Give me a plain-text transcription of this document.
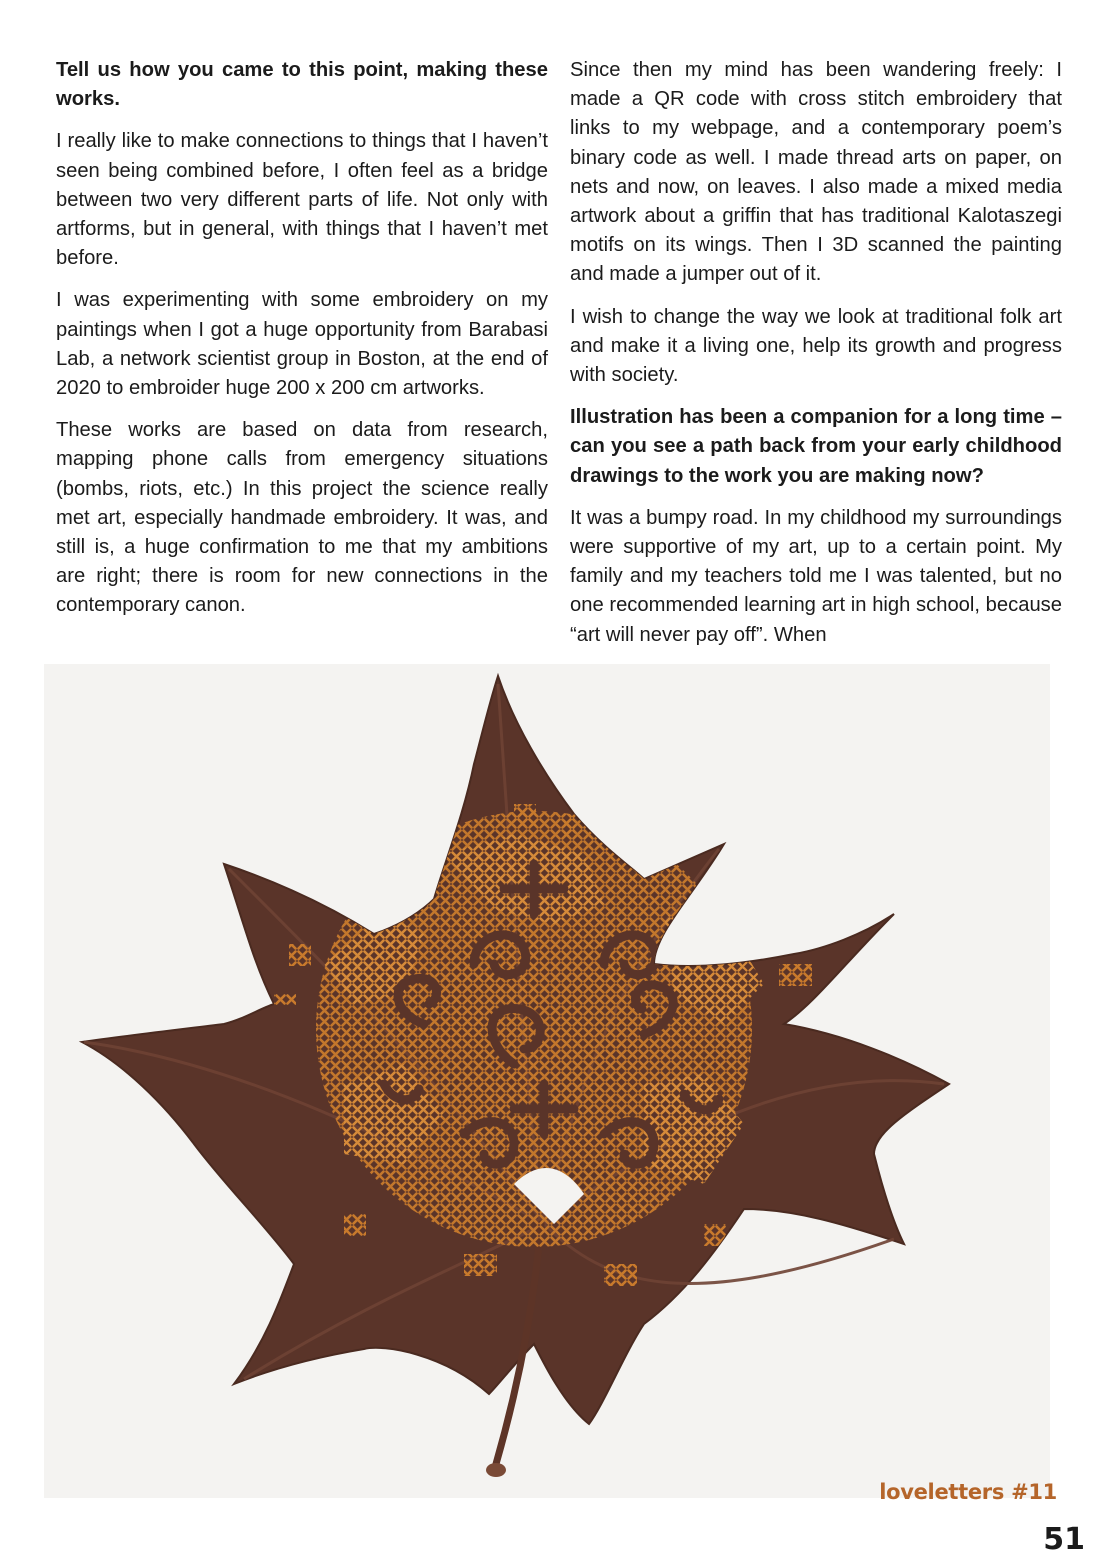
Tell us how you came to this point, making these works.

I really like to make connections to things that I haven’t seen being combined before, I often feel as a bridge between two very different parts of life. Not only with artforms, but in general, with things that I haven’t met before.

I was experimenting with some embroidery on my paintings when I got a huge opportunity from Barabasi Lab, a network scientist group in Boston, at the end of 2020 to embroider huge 200 x 200 cm artworks.

These works are based on data from research, mapping phone calls from emergency situations (bombs, riots, etc.) In this project the science really met art, especially handmade embroidery. It was, and still is, a huge confirmation to me that my ambitions are right; there is room for new connections in the contemporary canon.

Since then my mind has been wandering freely: I made a QR code with cross stitch embroidery that links to my webpage, and a contemporary poem’s binary code as well. I made thread arts on paper, on nets and now, on leaves. I also made a mixed media artwork about a griffin that has traditional Kalotaszegi motifs on its wings. Then I 3D scanned the painting and made a jumper out of it.

I wish to change the way we look at traditional folk art and make it a living one, help its growth and progress with society.

Illustration has been a companion for a long time – can you see a path back from your early childhood drawings to the work you are making now?

It was a bumpy road. In my childhood my surroundings were supportive of my art, up to a certain point. My family and my teachers told me I was talented, but no one recommended learning art in high school, because “art will never pay off”. When

loveletters #11

51
